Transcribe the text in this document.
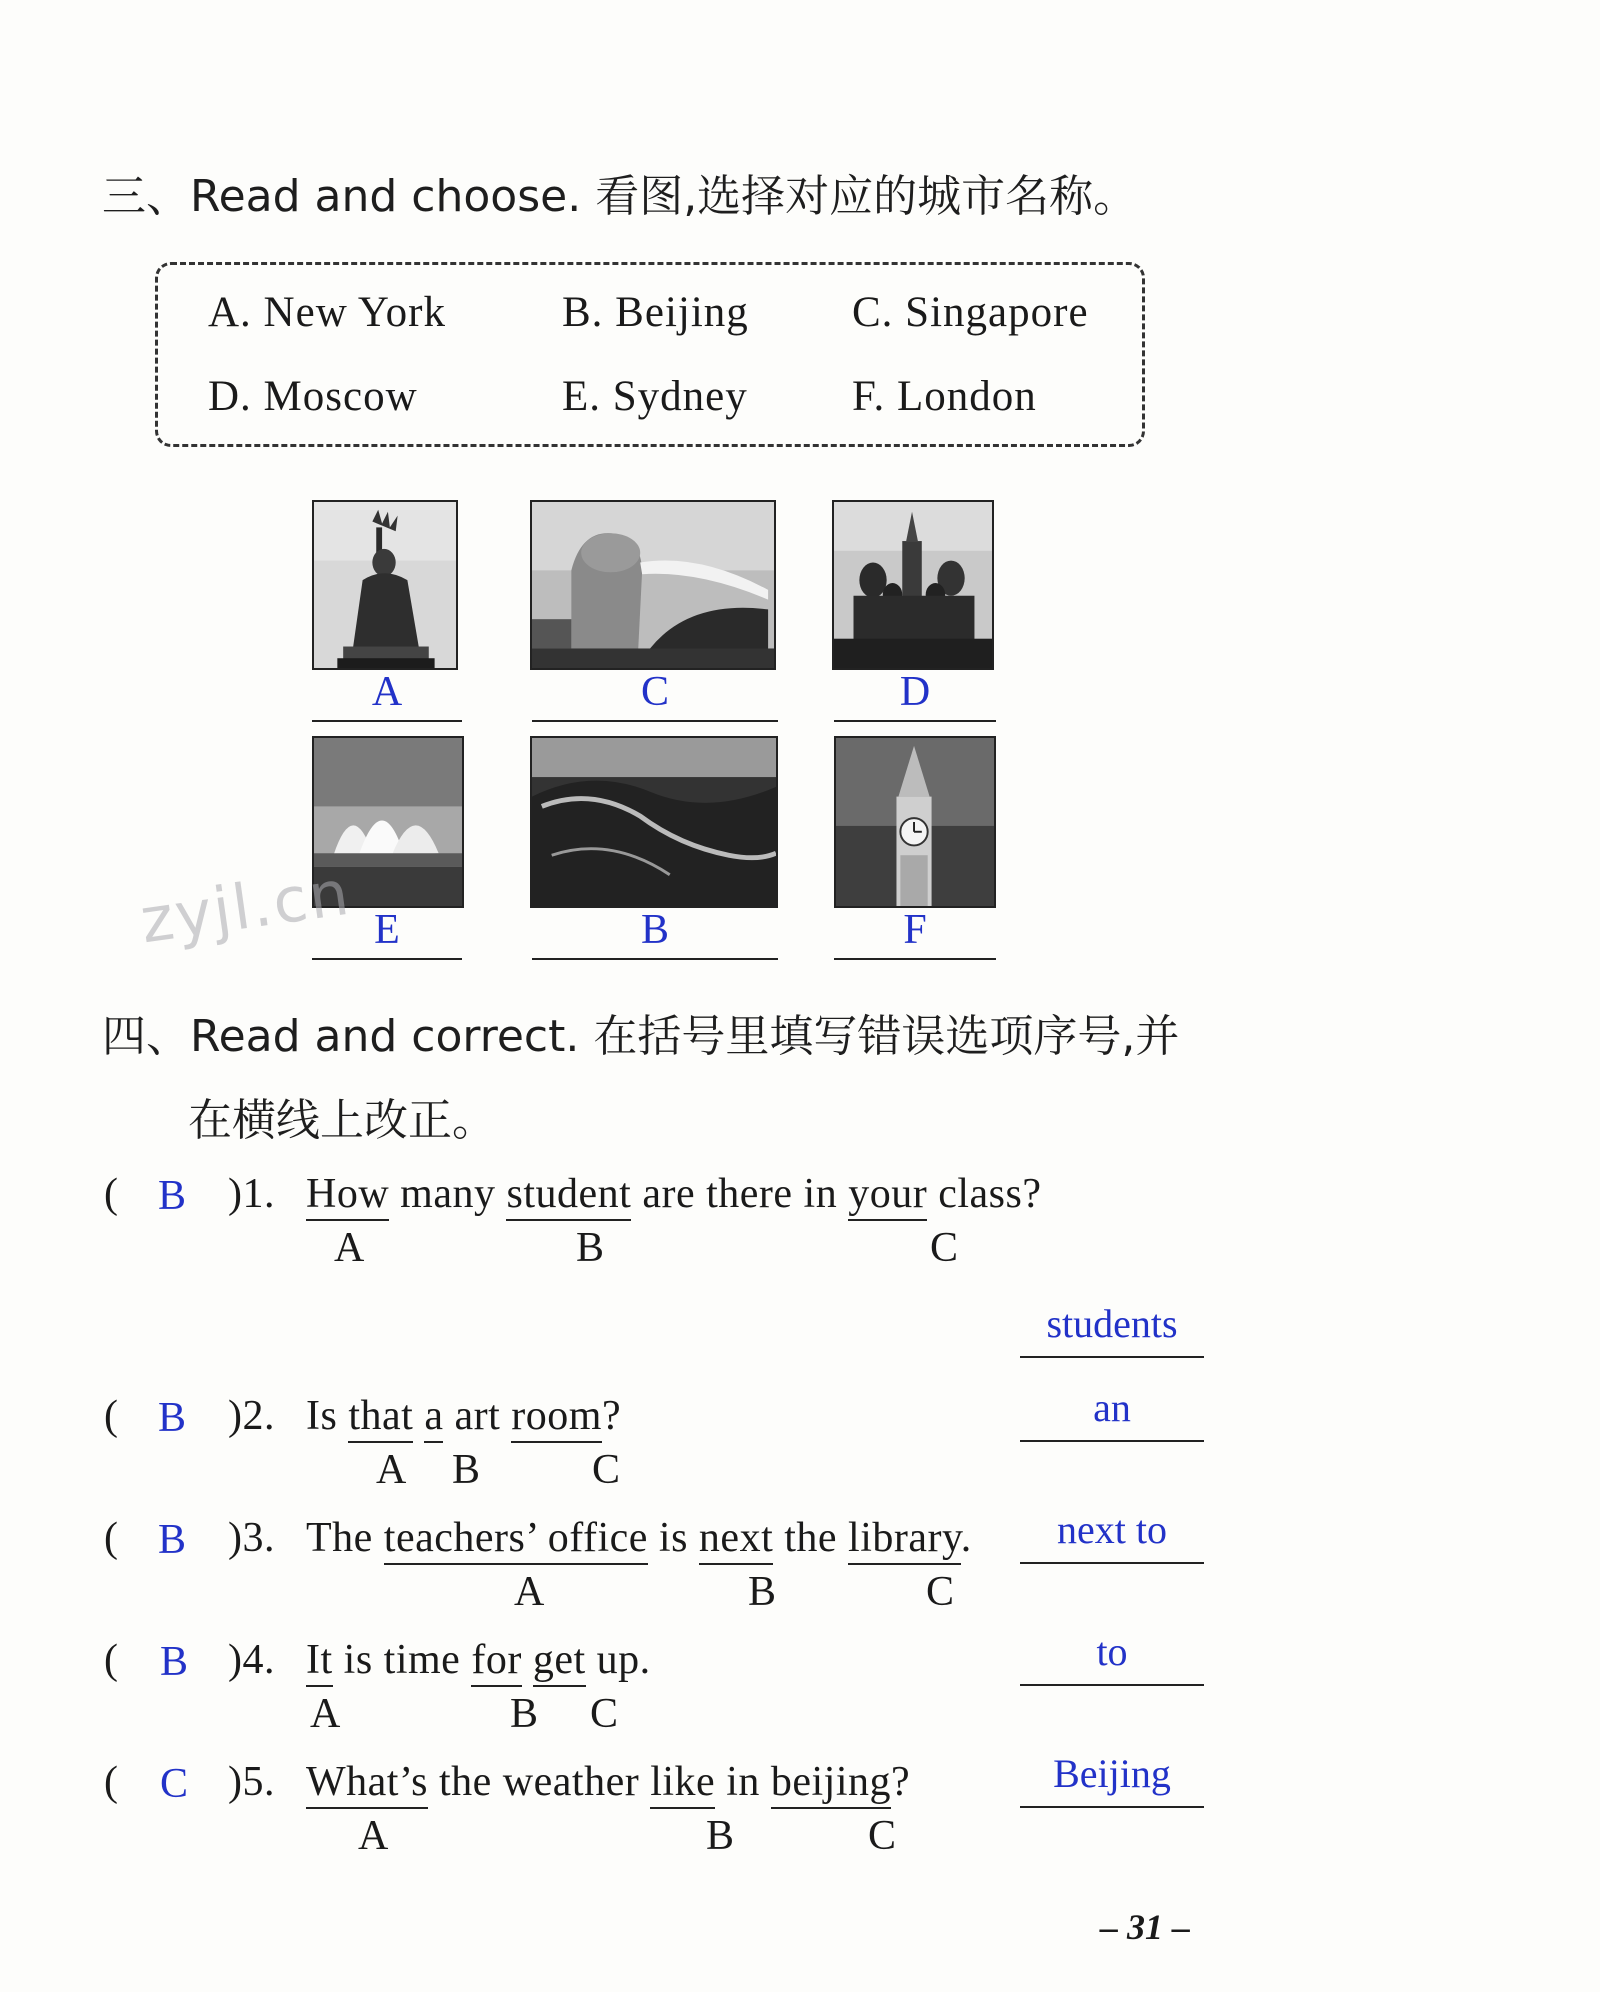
三、Read and choose. 看图,选择对应的城市名称。
A. New York	B. Beijing C. Singapore
D. Moscow	E. Sydney F. London
A	C	D
E	B	F
zyjl.cn
四、Read and correct. 在括号里填写错误选项序号,并
在横线上改正。
( B )1. How many student are there in your class?
A	B	C
students
( B )2. Is that a art room?
A B	C
an
( B )3. The teachers’ office is next the library.
A	B	C
next to
( B )4. It is time for get up.
A	B C
to
( C )5. What’s the weather like in beijing?
A	B	C
Beijing
– 31 –
